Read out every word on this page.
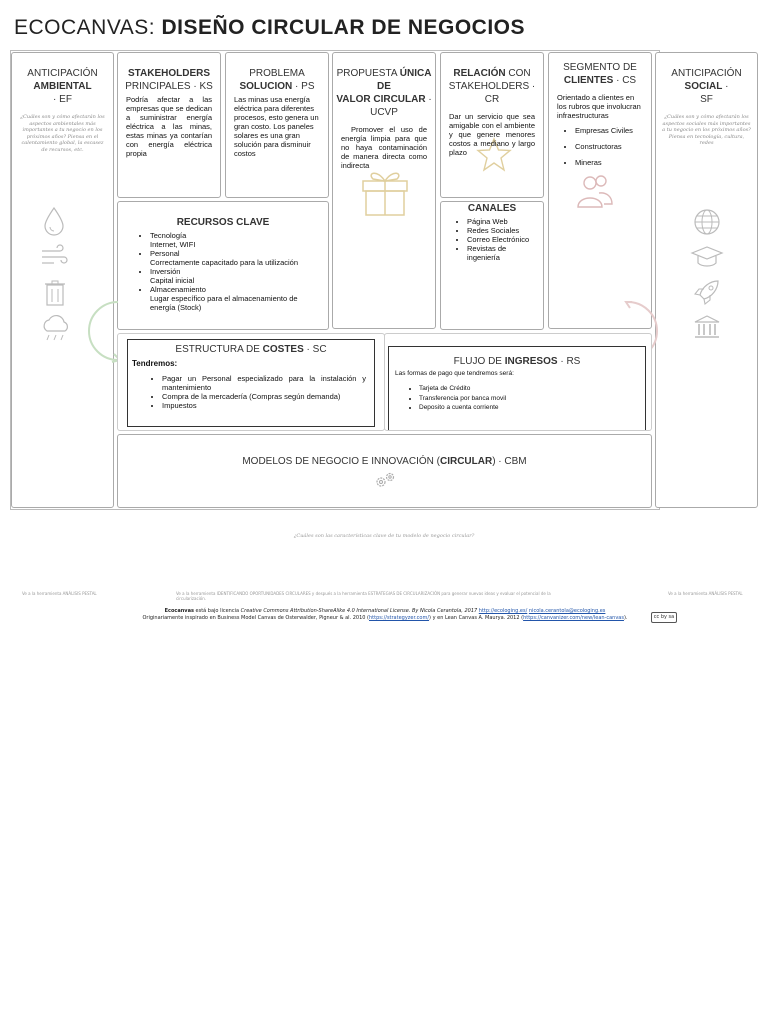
ECOCANVAS: DISEÑO CIRCULAR DE NEGOCIOS
ANTICIPACIÓN AMBIENTAL
· EF
¿Cuáles son y cómo afectarán los aspectos ambientales más importantes a tu negocio en los próximos años? Piensa en el calentamiento global, la escasez de recursos, etc.
STAKEHOLDERS
PRINCIPALES · KS
Podría afectar a las empresas que se dedican a suministrar energía eléctrica a las minas, estas minas ya contarían con energía eléctrica propia
PROBLEMA
SOLUCION · PS
Las minas usa energía eléctrica para diferentes procesos, esto genera un gran costo. Los paneles solares es una gran solución para disminuir costos
PROPUESTA ÚNICA DE
VALOR CIRCULAR · UCVP
Promover el uso de energía limpia para que no haya contaminación de manera directa como indirecta
RELACIÓN CON
STAKEHOLDERS · CR
Dar un servicio que sea amigable con el ambiente y que genere menores costos a mediano y largo plazo
SEGMENTO DE
CLIENTES · CS
Orientado a clientes en los rubros que involucran infraestructuras
• Empresas Civiles
• Constructoras
• Mineras
ANTICIPACIÓN SOCIAL ·
SF
¿Cuáles son y cómo afectarán los aspectos sociales más importantes a tu negocio en los próximos años? Piensa en tecnología, cultura, redes
RECURSOS CLAVE
• Tecnología
Internet, WIFI
• Personal
Correctamente capacitado para la utilización
• Inversión
Capital inicial
• Almacenamiento
Lugar específico para el almacenamiento de energía (Stock)
CANALES
• Página Web
• Redes Sociales
• Correo Electrónico
• Revistas de ingeniería
ESTRUCTURA DE COSTES · SC
Tendremos:
• Pagar un Personal especializado para la instalación y mantenimiento
• Compra de la mercadería (Compras según demanda)
• Impuestos
FLUJO DE INGRESOS · RS
Las formas de pago que tendremos será:
• Tarjeta de Crédito
• Transferencia por banca movil
• Deposito a cuenta corriente
MODELOS DE NEGOCIO E INNOVACIÓN (CIRCULAR) · CBM
¿Cuáles son las características clave de tu modelo de negocio circular?
Ve a la herramienta ANÁLISIS PESTAL	Ve a la herramienta IDENTIFICANDO OPORTUNIDADES CIRCULARES y después a la herramienta ESTRATEGIAS DE CIRCULARIZACIÓN para generar nuevas ideas y evaluar el potencial de la circularización.
Ve a la herramienta ANÁLISIS PESTAL
Ecocanvas está bajo licencia Creative Commons Attribution-ShareAlike 4.0 International License. By Nicola Cerantola, 2017 http://ecologing.es/ nicola.cerantola@ecologing.es
Originariamente inspirado en Business Model Canvas de Osterwalder, Pigneur & al. 2010 (https://strategyzer.com/) y en Lean Canvas A. Maurya. 2012 (https://canvanizer.com/new/lean-canvas).	cc by sa
